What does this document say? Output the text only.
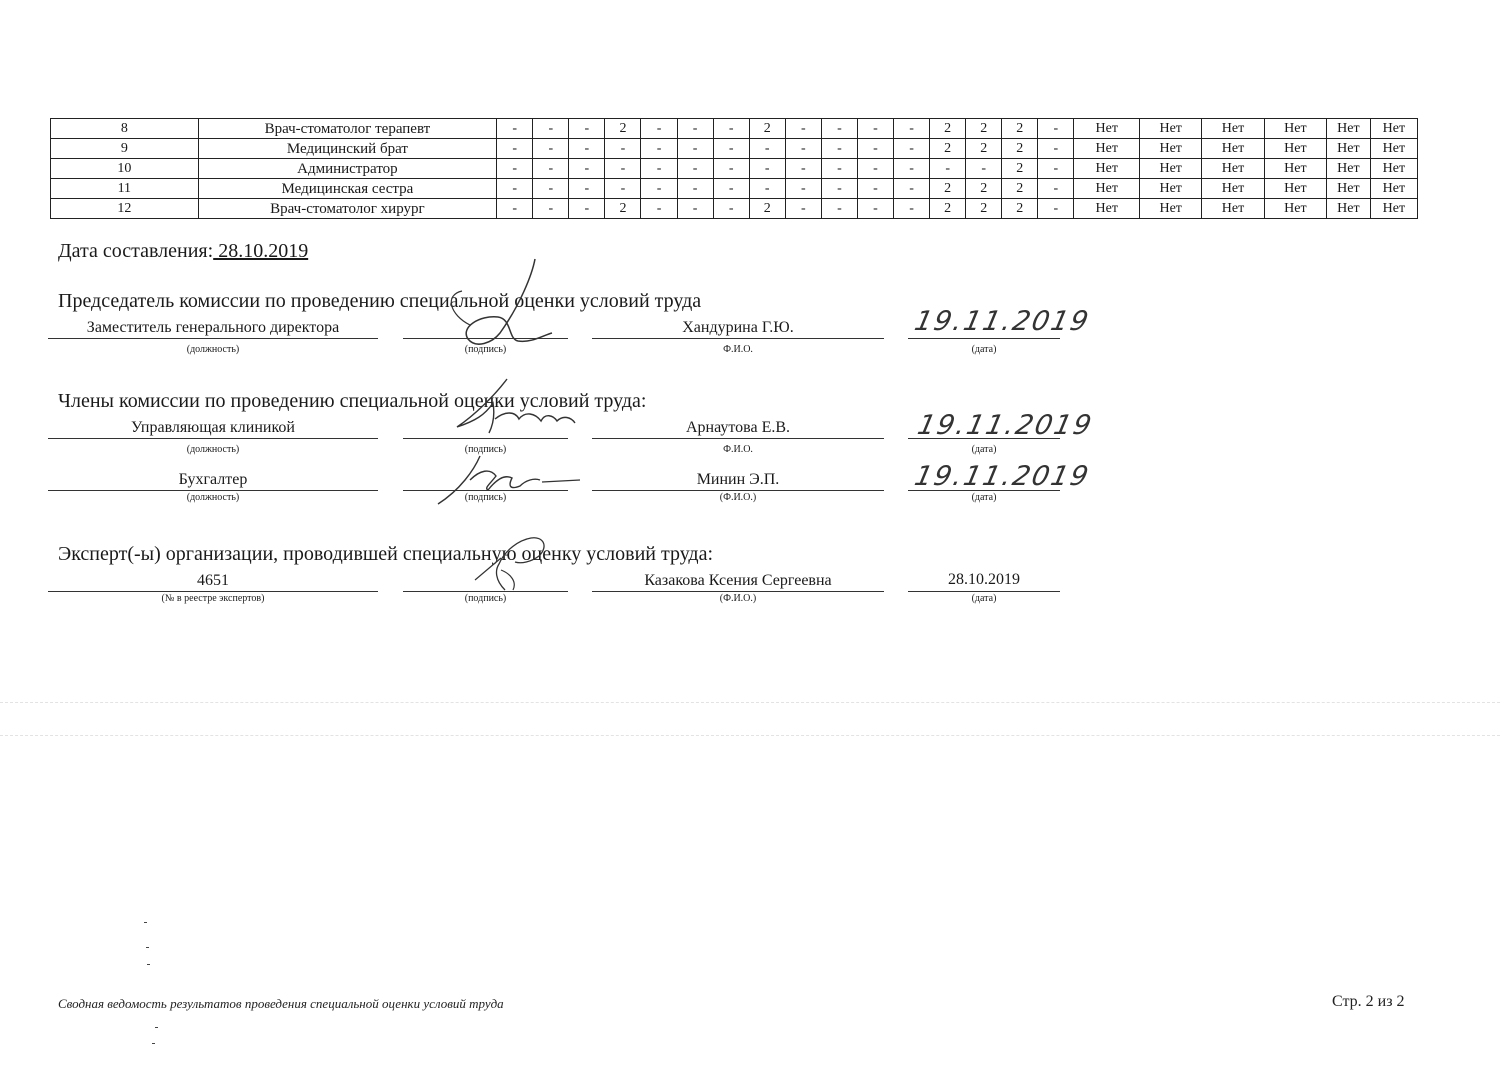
8	Врач-стоматолог терапевт	-	-	-	2	-	-	-	2	-	-	-	-	2	2	2	-	Нет	Нет	Нет	Нет	Нет	Нет
9	Медицинский брат	-	-	-	-	-	-	-	-	-	-	-	-	2	2	2	-	Нет	Нет	Нет	Нет	Нет	Нет
10	Администратор	-	-	-	-	-	-	-	-	-	-	-	-	-	-	2	-	Нет	Нет	Нет	Нет	Нет	Нет
11	Медицинская сестра	-	-	-	-	-	-	-	-	-	-	-	-	2	2	2	-	Нет	Нет	Нет	Нет	Нет	Нет
12	Врач-стоматолог хирург	-	-	-	2	-	-	-	2	-	-	-	-	2	2	2	-	Нет	Нет	Нет	Нет	Нет	Нет
Дата составления: 28.10.2019
Председатель комиссии по проведению специальной оценки условий труда
Заместитель генерального директора	Хандурина Г.Ю.	19.11.2019
(должность)	(подпись)	Ф.И.О.	(дата)
Члены комиссии по проведению специальной оценки условий труда:
Управляющая клиникой	Арнаутова Е.В.	19.11.2019
(должность)	(подпись)	Ф.И.О.	(дата)
Бухгалтер	Минин Э.П.	19.11.2019
(должность)	(подпись)	(Ф.И.О.)	(дата)
Эксперт(-ы) организации, проводившей специальную оценку условий труда:
4651	Казакова Ксения Сергеевна	28.10.2019
(№ в реестре экспертов)	(подпись)	(Ф.И.О.)	(дата)
Сводная ведомость результатов проведения специальной оценки условий труда	Стр. 2 из 2
